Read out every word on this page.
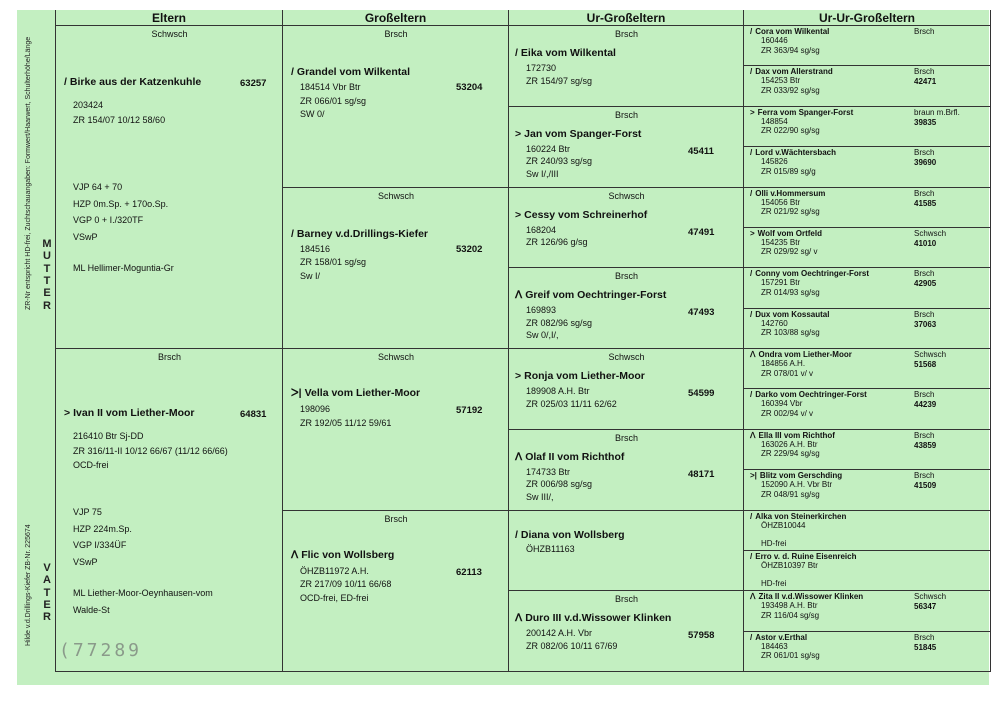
ZR-Nr entspricht HD-frei, Zuchtschauangaben: Formwert/Haarwert, Schulterhöhe/Länge
Hilde v.d.Drillings-Kiefer ZB-Nr. 225674
Eltern	Großeltern	Ur-Großeltern	Ur-Ur-Großeltern
Schwsch
/ Birke aus der Katzenkuhle	63257
203424
ZR 154/07 10/12 58/60
VJP 64 + 70
HZP 0m.Sp. + 170o.Sp.
VGP 0 + I./320TF
VSwP
ML Hellimer-Moguntia-Gr
Brsch
> Ivan II vom Liether-Moor	64831
216410 Btr Sj-DD
ZR 316/11-II 10/12 66/67 (11/12 66/66)
OCD-frei
VJP 75
HZP 224m.Sp.
VGP I/334ÜF
VSwP
ML Liether-Moor-Oeynhausen-vom
Walde-St
Brsch
/ Grandel vom Wilkental
53204
184514 Vbr Btr
ZR 066/01 sg/sg
SW 0/
Schwsch
/ Barney v.d.Drillings-Kiefer
53202
184516
ZR 158/01 sg/sg
Sw I/
Schwsch
ᐳ| Vella vom Liether-Moor
57192
198096
ZR 192/05 11/12 59/61
Brsch
ᐱ Flic von Wollsberg
62113
ÖHZB11972 A.H.
ZR 217/09 10/11 66/68
OCD-frei, ED-frei
Brsch
/ Eika vom Wilkental
172730
ZR 154/97 sg/sg
Brsch
> Jan vom Spanger-Forst
45411
160224 Btr
ZR 240/93 sg/sg
Sw I/,/III
Schwsch
> Cessy vom Schreinerhof
47491
168204
ZR 126/96 g/sg
Brsch
ᐱ Greif vom Oechtringer-Forst
47493
169893
ZR 082/96 sg/sg
Sw 0/,I/,
Schwsch
> Ronja vom Liether-Moor
54599
189908 A.H. Btr
ZR 025/03 11/11 62/62
Brsch
ᐱ Olaf II vom Richthof
48171
174733 Btr
ZR 006/98 sg/sg
Sw III/,
/ Diana von Wollsberg
ÖHZB11163
Brsch
ᐱ Duro III v.d.Wissower Klinken
57958
200142 A.H. Vbr
ZR 082/06 10/11 67/69
/ Cora vom Wilkental	Brsch
160446
ZR 363/94 sg/sg
/ Dax vom Allerstrand	Brsch
42471
154253 Btr
ZR 033/92 sg/sg
> Ferra vom Spanger-Forst	braun m.Brfl.
39835
148854
ZR 022/90 sg/sg
/ Lord v.Wächtersbach	Brsch
39690
145826
ZR 015/89 sg/g
/ Olli v.Hommersum	Brsch
41585
154056 Btr
ZR 021/92 sg/sg
> Wolf vom Ortfeld	Schwsch
41010
154235 Btr
ZR 029/92 sg/ v
/ Conny vom Oechtringer-Forst	Brsch
42905
157291 Btr
ZR 014/93 sg/sg
/ Dux vom Kossautal	Brsch
37063
142760
ZR 103/88 sg/sg
ᐱ Ondra vom Liether-Moor	Schwsch
51568
184856 A.H.
ZR 078/01 v/ v
/ Darko vom Oechtringer-Forst	Brsch
44239
160394 Vbr
ZR 002/94 v/ v
ᐱ Ella III vom Richthof	Brsch
43859
163026 A.H. Btr
ZR 229/94 sg/sg
>| Blitz vom Gerschding	Brsch
41509
152090 A.H. Vbr Btr
ZR 048/91 sg/sg
/ Alka von Steinerkirchen
ÖHZB10044
HD-frei
/ Erro v. d. Ruine Eisenreich
ÖHZB10397 Btr
HD-frei
ᐱ Zita II v.d.Wissower Klinken	Schwsch
56347
193498 A.H. Btr
ZR 116/04 sg/sg
/ Astor v.Erthal	Brsch
51845
184463
ZR 061/01 sg/sg
(77289
M
U
T
T
E
R
V
A
T
E
R
